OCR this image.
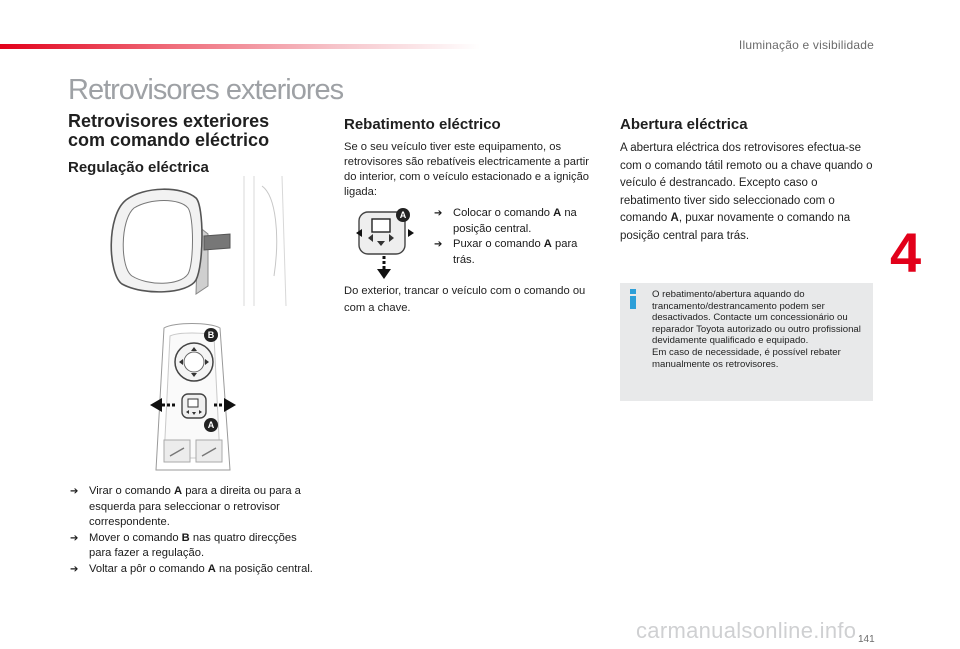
Iluminação e visibilidade
Retrovisores exteriores
4
Retrovisores exteriores
com comando eléctrico
Regulação eléctrica
B
A
➔ Virar o comando A para a direita ou para a esquerda para seleccionar o retrovisor correspondente.
➔ Mover o comando B nas quatro direcções para fazer a regulação.
➔ Voltar a pôr o comando A na posição central.
Rebatimento eléctrico
Se o seu veículo tiver este equipamento, os retrovisores são rebatíveis electricamente a partir do interior, com o veículo estacionado e a ignição ligada:
A	➔ Colocar o comando A na posição central.
➔ Puxar o comando A para trás.
Do exterior, trancar o veículo com o comando ou com a chave.
Abertura eléctrica
A abertura eléctrica dos retrovisores efectua-se com o comando tátil remoto ou a chave quando o veículo é destrancado. Excepto caso o rebatimento tiver sido seleccionado com o comando A, puxar novamente o comando na posição central para trás.
O rebatimento/abertura aquando do trancamento/destrancamento podem ser desactivados. Contacte um concessionário ou reparador Toyota autorizado ou outro profissional devidamente qualificado e equipado.
Em caso de necessidade, é possível rebater manualmente os retrovisores.
141
carmanualsonline.info
